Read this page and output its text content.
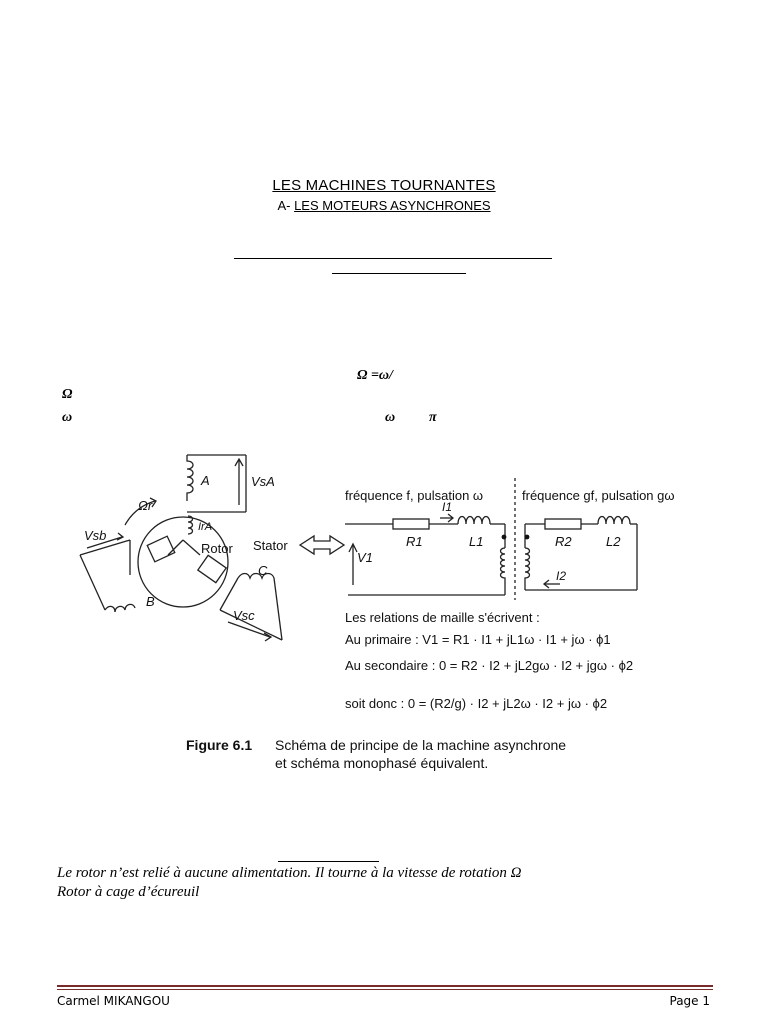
LES MACHINES TOURNANTES
A- LES MOTEURS ASYNCHRONES
Ω =ω/
Ω
ω	ω π
A	VsA
Ωr
IrA
Rotor Stator
Vsb
B
C
Vsc
fréquence f, pulsation ω	fréquence gf, pulsation gω
R1	L1
I1
V1
R2	L2
I2
Les relations de maille s'écrivent :
Au primaire : V1 = R1 · I1 + jL1ω · I1 + jω · ϕ1
Au secondaire : 0 = R2 · I2 + jL2gω · I2 + jgω · ϕ2
soit donc : 0 = (R2/g) · I2 + jL2ω · I2 + jω · ϕ2
Figure 6.1 Schéma de principe de la machine asynchrone
et schéma monophasé équivalent.
Le rotor n’est relié à aucune alimentation. Il tourne à la vitesse de rotation Ω
Rotor à cage d’écureuil
Carmel MIKANGOU	Page 1
